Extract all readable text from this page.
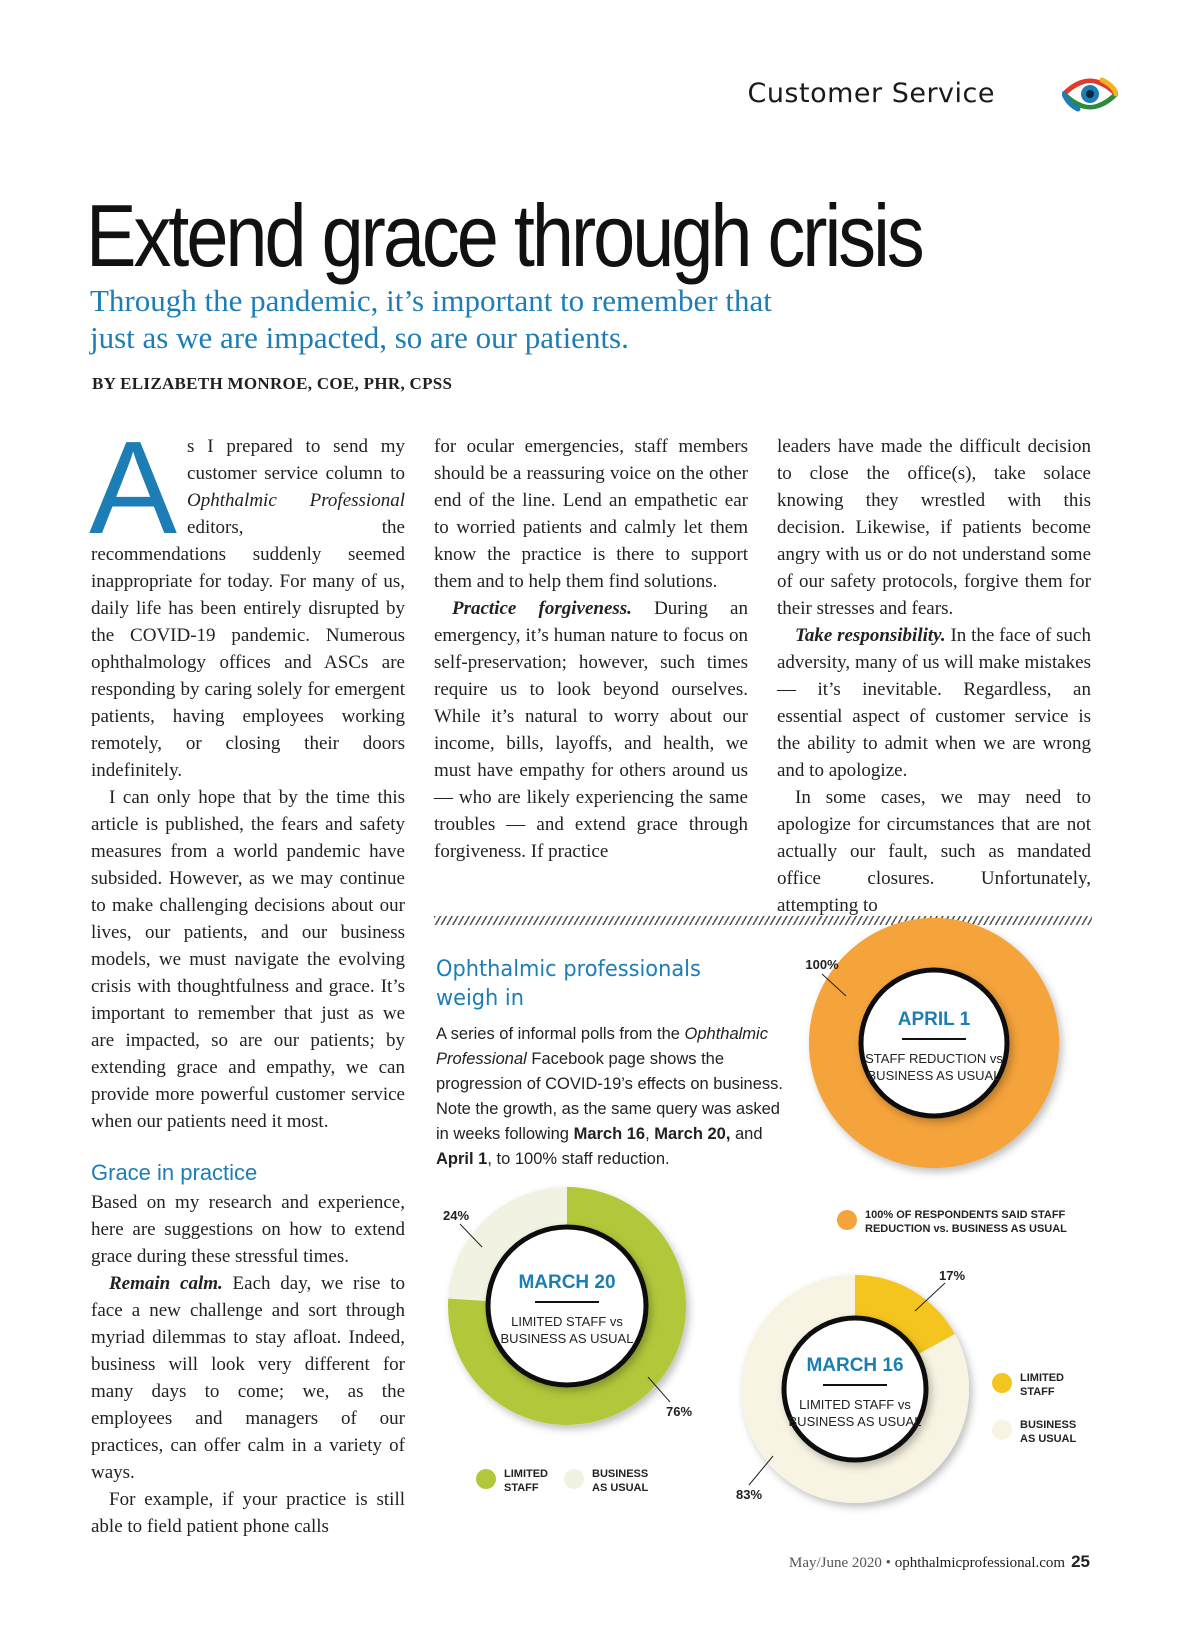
Customer Service
Extend grace through crisis
Through the pandemic, it’s important to remember that just as we are impacted, so are our patients.
BY ELIZABETH MONROE, COE, PHR, CPSS
A s I prepared to send my customer service column to Ophthalmic Professional editors, the recommendations suddenly seemed inappropriate for today. For many of us, daily life has been entirely disrupted by the COVID-19 pandemic. Numerous ophthalmology offices and ASCs are responding by caring solely for emergent patients, having employees working remotely, or closing their doors indefinitely.

I can only hope that by the time this article is published, the fears and safety measures from a world pandemic have subsided. However, as we may continue to make challenging decisions about our lives, our patients, and our business models, we must navigate the evolving crisis with thoughtfulness and grace. It’s important to remember that just as we are impacted, so are our patients; by extending grace and empathy, we can provide more powerful customer service when our patients need it most.

Grace in practice

Based on my research and experience, here are suggestions on how to extend grace during these stressful times.

Remain calm. Each day, we rise to face a new challenge and sort through myriad dilemmas to stay afloat. Indeed, business will look very different for many days to come; we, as the employees and managers of our practices, can offer calm in a variety of ways.

For example, if your practice is still able to field patient phone calls

for ocular emergencies, staff members should be a reassuring voice on the other end of the line. Lend an empathetic ear to worried patients and calmly let them know the practice is there to support them and to help them find solutions.

Practice forgiveness. During an emergency, it’s human nature to focus on self-preservation; however, such times require us to look beyond ourselves. While it’s natural to worry about our income, bills, layoffs, and health, we must have empathy for others around us — who are likely experiencing the same troubles — and extend grace through forgiveness. If practice

leaders have made the difficult decision to close the office(s), take solace knowing they wrestled with this decision. Likewise, if patients become angry with us or do not understand some of our safety protocols, forgive them for their stresses and fears.

Take responsibility. In the face of such adversity, many of us will make mistakes — it’s inevitable. Regardless, an essential aspect of customer service is the ability to admit when we are wrong and to apologize.

In some cases, we may need to apologize for circumstances that are not actually our fault, such as mandated office closures. Unfortunately, attempting to

Ophthalmic professionals
weigh in
A series of informal polls from the Ophthalmic Professional Facebook page shows the progression of COVID-19’s effects on business. Note the growth, as the same query was asked in weeks following March 16, March 20, and April 1, to 100% staff reduction.
APRIL 1
STAFF REDUCTION vs
BUSINESS AS USUAL
100%
100% OF RESPONDENTS SAID STAFF
REDUCTION vs. BUSINESS AS USUAL
MARCH 20
LIMITED STAFF vs
BUSINESS AS USUAL
76%
24%
LIMITED
STAFF
BUSINESS
AS USUAL
MARCH 16
LIMITED STAFF vs
BUSINESS AS USUAL
17%
83%
LIMITED
STAFF
BUSINESS
AS USUAL
May/June 2020 • ophthalmicprofessional.com 25
